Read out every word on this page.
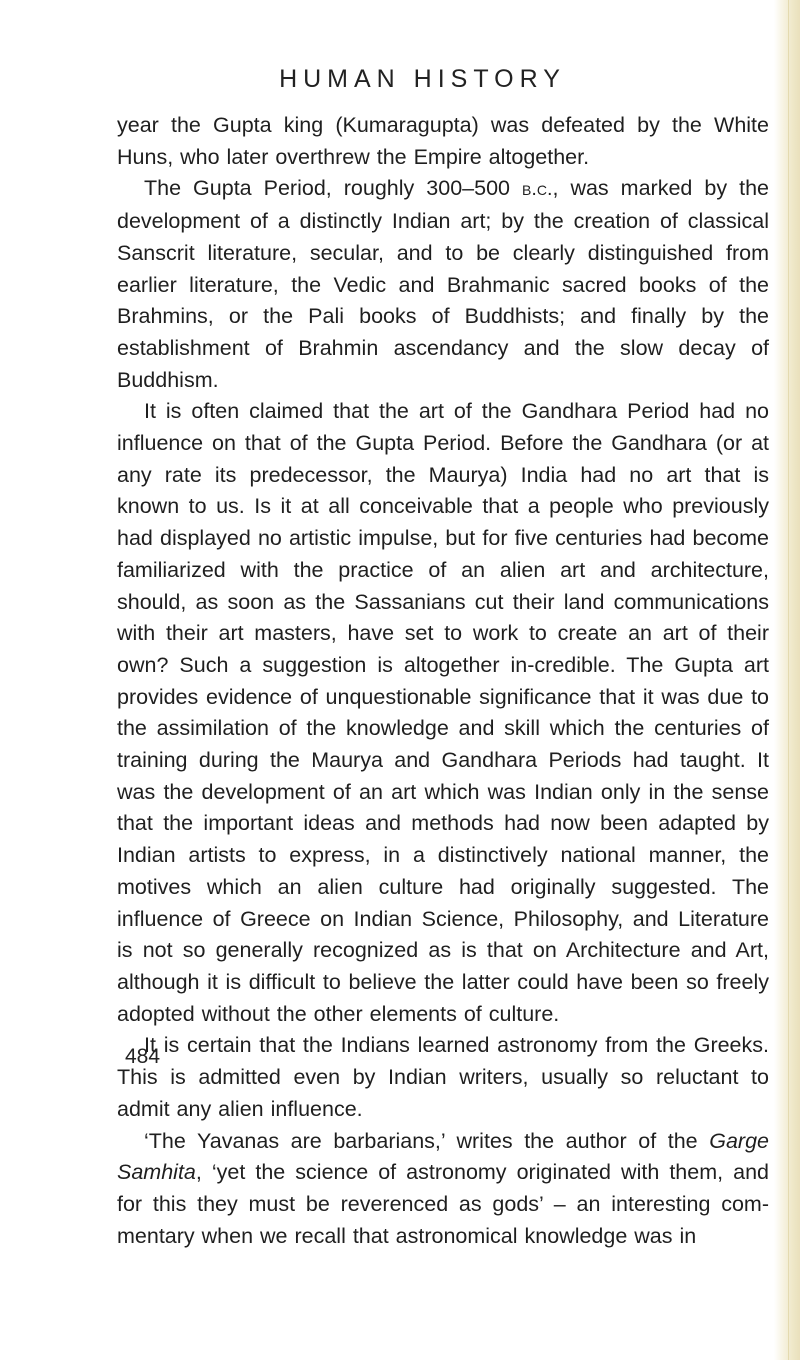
HUMAN HISTORY

year the Gupta king (Kumaragupta) was defeated by the White Huns, who later overthrew the Empire altogether.

The Gupta Period, roughly 300–500 b.c., was marked by the development of a distinctly Indian art; by the creation of classical Sanscrit literature, secular, and to be clearly distinguished from earlier literature, the Vedic and Brahmanic sacred books of the Brahmins, or the Pali books of Buddhists; and finally by the establishment of Brahmin ascendancy and the slow decay of Buddhism.

It is often claimed that the art of the Gandhara Period had no influence on that of the Gupta Period. Before the Gandhara (or at any rate its predecessor, the Maurya) India had no art that is known to us. Is it at all conceivable that a people who previously had displayed no artistic impulse, but for five centuries had become familiarized with the practice of an alien art and architecture, should, as soon as the Sassanians cut their land communications with their art masters, have set to work to create an art of their own? Such a suggestion is altogether in-credible. The Gupta art provides evidence of unquestionable significance that it was due to the assimilation of the knowledge and skill which the centuries of training during the Maurya and Gandhara Periods had taught. It was the development of an art which was Indian only in the sense that the important ideas and methods had now been adapted by Indian artists to express, in a distinctively national manner, the motives which an alien culture had originally suggested. The influence of Greece on Indian Science, Philosophy, and Literature is not so generally recognized as is that on Architecture and Art, although it is difficult to believe the latter could have been so freely adopted without the other elements of culture.

It is certain that the Indians learned astronomy from the Greeks. This is admitted even by Indian writers, usually so reluctant to admit any alien influence.

‘The Yavanas are barbarians,’ writes the author of the Garge Samhita, ‘yet the science of astronomy originated with them, and for this they must be reverenced as gods’ – an interesting com-mentary when we recall that astronomical knowledge was in

484
